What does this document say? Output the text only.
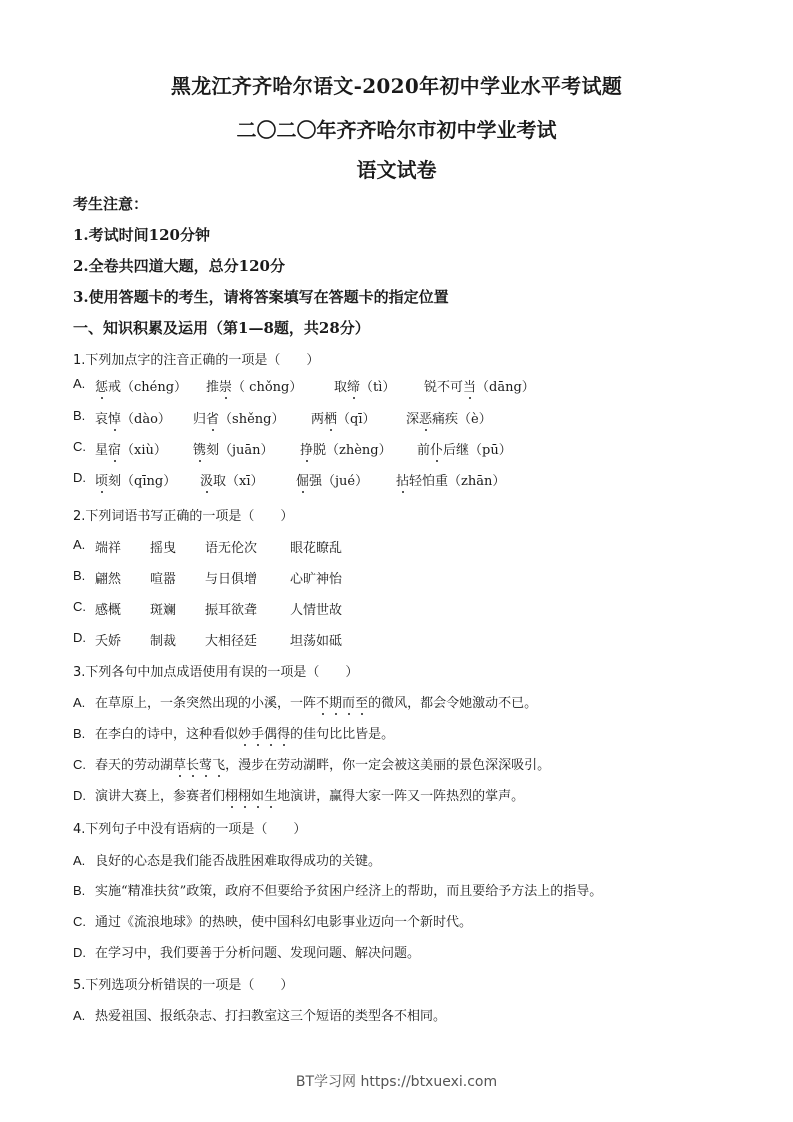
黑龙江齐齐哈尔语文-2020年初中学业水平考试题
二〇二〇年齐齐哈尔市初中学业考试
语文试卷
考生注意：
1.考试时间120分钟
2.全卷共四道大题，总分120分
3.使用答题卡的考生，请将答案填写在答题卡的指定位置
一、知识积累及运用（第1—8题，共28分）
1.下列加点字的注音正确的一项是（　　）
A. 惩戒（chéng） 推崇（ chǒng） 取缔（tì） 锐不可当（dāng）
B. 哀悼（dào） 归省（shěng） 两栖（qī） 深恶痛疾（è）
C. 星宿（xiù） 镌刻（juān） 挣脱（zhèng） 前仆后继（pū）
D. 顷刻（qīng） 汲取（xī） 倔强（jué） 拈轻怕重（zhān）
2.下列词语书写正确的一项是（　　）
A. 端祥 摇曳 语无伦次	眼花瞭乱
B. 翩然 喧嚣 与日俱增	心旷神怡
C. 感概 斑斓 振耳欲聋	人情世故
D. 夭娇 制裁 大相径廷	坦荡如砥
3.下列各句中加点成语使用有误的一项是（　　）
A. 在草原上，一条突然出现的小溪，一阵不期而至的微风，都会令她激动不已。
B. 在李白的诗中，这种看似妙手偶得的佳句比比皆是。
C. 春天的劳动湖草长莺飞，漫步在劳动湖畔，你一定会被这美丽的景色深深吸引。
D. 演讲大赛上，参赛者们栩栩如生地演讲，赢得大家一阵又一阵热烈的掌声。
4.下列句子中没有语病的一项是（　　）
A. 良好的心态是我们能否战胜困难取得成功的关键。
B. 实施“精准扶贫”政策，政府不但要给予贫困户经济上的帮助，而且要给予方法上的指导。
C. 通过《流浪地球》的热映，使中国科幻电影事业迈向一个新时代。
D. 在学习中，我们要善于分析问题、发现问题、解决问题。
5.下列选项分析错误的一项是（　　）
A. 热爱祖国、报纸杂志、打扫教室这三个短语的类型各不相同。
BT学习网 https://btxuexi.com
